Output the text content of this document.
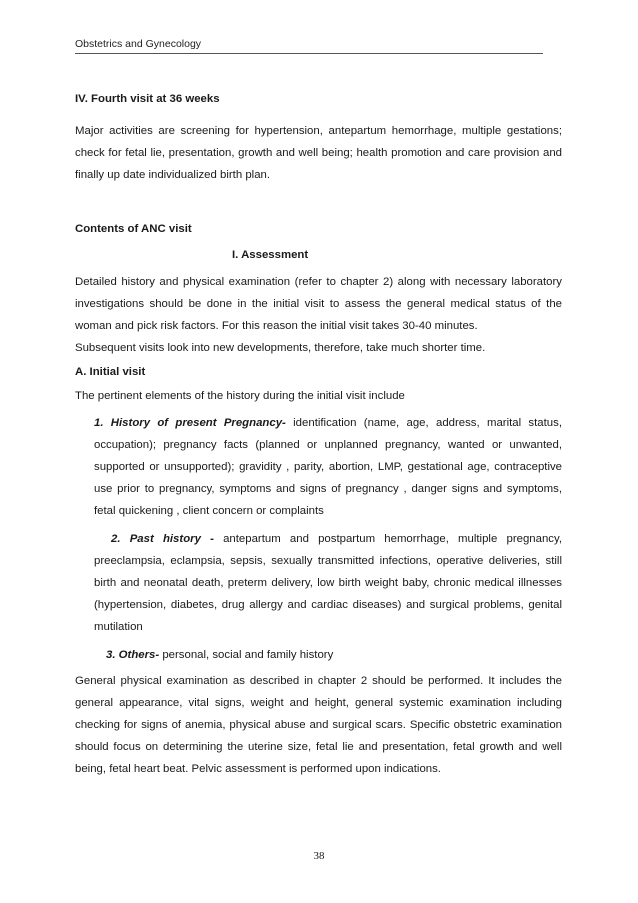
Obstetrics and Gynecology

IV. Fourth visit at 36 weeks

Major activities are screening for hypertension, antepartum hemorrhage, multiple gestations; check for fetal lie, presentation, growth and well being; health promotion and care provision and finally up date individualized birth plan.

Contents of ANC visit

I. Assessment

Detailed history and physical examination (refer to chapter 2) along with necessary laboratory investigations should be done in the initial visit to assess the general medical status of the woman and pick risk factors. For this reason the initial visit takes 30-40 minutes.

Subsequent visits look into new developments, therefore, take much shorter time.

A. Initial visit

The pertinent elements of the history during the initial visit include

1. History of present Pregnancy- identification (name, age, address, marital status, occupation); pregnancy facts (planned or unplanned pregnancy, wanted or unwanted, supported or unsupported); gravidity , parity, abortion, LMP, gestational age, contraceptive use prior to pregnancy, symptoms and signs of pregnancy , danger signs and symptoms, fetal quickening , client concern or complaints

2. Past history - antepartum and postpartum hemorrhage, multiple pregnancy, preeclampsia, eclampsia, sepsis, sexually transmitted infections, operative deliveries, still birth and neonatal death, preterm delivery, low birth weight baby, chronic medical illnesses (hypertension, diabetes, drug allergy and cardiac diseases) and surgical problems, genital mutilation

3. Others- personal, social and family history

General physical examination as described in chapter 2 should be performed. It includes the general appearance, vital signs, weight and height, general systemic examination including checking for signs of anemia, physical abuse and surgical scars. Specific obstetric examination should focus on determining the uterine size, fetal lie and presentation, fetal growth and well being, fetal heart beat. Pelvic assessment is performed upon indications.

38
